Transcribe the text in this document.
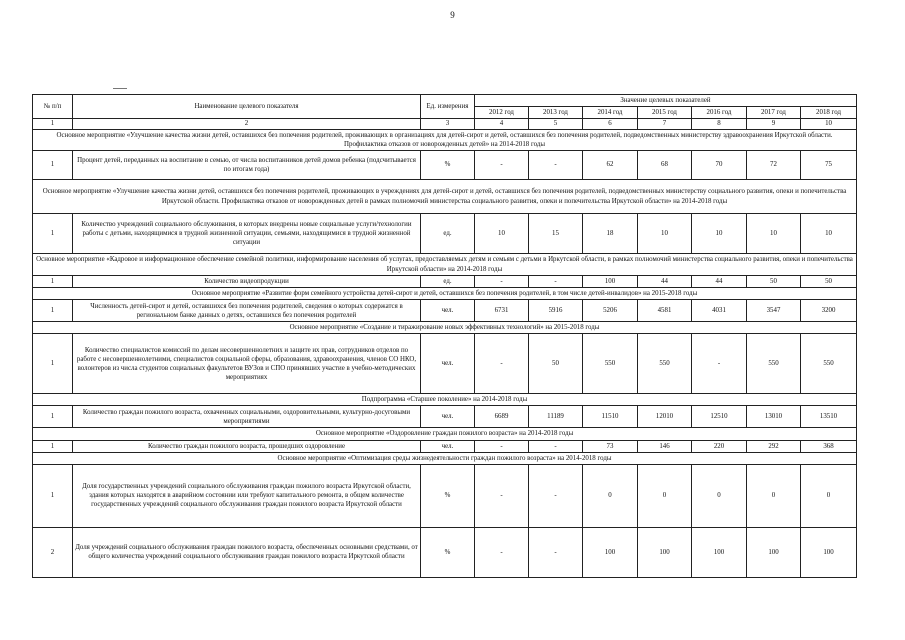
9
№ п/п	Наименование целевого показателя	Ед. измерения	Значение целевых показателей						
			2012 год	2013 год	2014 год	2015 год	2016 год	2017 год	2018 год
1	2	3	4	5	6	7	8	9	10
Основное мероприятие «Улучшение качества жизни детей, оставшихся без попечения родителей, проживающих в организациях для детей-сирот и детей, оставшихся без попечения родителей, подведомственных министерству здравоохранения Иркутской области. Профилактика отказов от новорожденных детей» на 2014-2018 годы									
1	Процент детей, переданных на воспитание в семью, от числа воспитанников детей домов ребенка (подсчитывается по итогам года)	%	-	-	62	68	70	72	75
Основное мероприятие «Улучшение качества жизни детей, оставшихся без попечения родителей, проживающих в учреждениях для детей-сирот и детей, оставшихся без попечения родителей, подведомственных министерству социального развития, опеки и попечительства Иркутской области. Профилактика отказов от новорожденных детей в рамках полномочий министерства социального развития, опеки и попечительства Иркутской области» на 2014-2018 годы									
1	Количество учреждений социального обслуживания, в которых внедрены новые социальные услуги/технологии работы с детьми, находящимися в трудной жизненной ситуации, семьями, находящимися в трудной жизненной ситуации	ед.	10	15	18	10	10	10	10
Основное мероприятие «Кадровое и информационное обеспечение семейной политики, информирование населения об услугах, предоставляемых детям и семьям с детьми в Иркутской области, в рамках полномочий министерства социального развития, опеки и попечительства Иркутской области» на 2014-2018 годы									
1	Количество видеопродукции	ед.	-	-	100	44	44	50	50
Основное мероприятие «Развитие форм семейного устройства детей-сирот и детей, оставшихся без попечения родителей, в том числе детей-инвалидов» на 2015-2018 годы									
1	Численность детей-сирот и детей, оставшихся без попечения родителей, сведения о которых содержатся в региональном банке данных о детях, оставшихся без попечения родителей	чел.	6731	5916	5206	4581	4031	3547	3200
Основное мероприятие «Создание и тиражирование новых эффективных технологий» на 2015-2018 годы									
1	Количество специалистов комиссий по делам несовершеннолетних и защите их прав, сотрудников отделов по работе с несовершеннолетними, специалистов социальной сферы, образования, здравоохранения, членов СО НКО, волонтеров из числа студентов социальных факультетов ВУЗов и СПО принявших участие в учебно-методических мероприятиях	чел.	-	50	550	550	-	550	550
Подпрограмма «Старшее поколение» на 2014-2018 годы									
1	Количество граждан пожилого возраста, охваченных социальными, оздоровительными, культурно-досуговыми мероприятиями	чел.	6689	11189	11510	12010	12510	13010	13510
Основное мероприятие «Оздоровление граждан пожилого возраста» на 2014-2018 годы									
1	Количество граждан пожилого возраста, прошедших оздоровление	чел.	-	-	73	146	220	292	368
Основное мероприятие «Оптимизация среды жизнедеятельности граждан пожилого возраста» на 2014-2018 годы									
1	Доля государственных учреждений социального обслуживания граждан пожилого возраста Иркутской области, здания которых находятся в аварийном состоянии или требуют капитального ремонта, в общем количестве государственных учреждений социального обслуживания граждан пожилого возраста Иркутской области	%	-	-	0	0	0	0	0
2	Доля учреждений социального обслуживания граждан пожилого возраста, обеспеченных основными средствами, от общего количества учреждений социального обслуживания граждан пожилого возраста Иркутской области	%	-	-	100	100	100	100	100
